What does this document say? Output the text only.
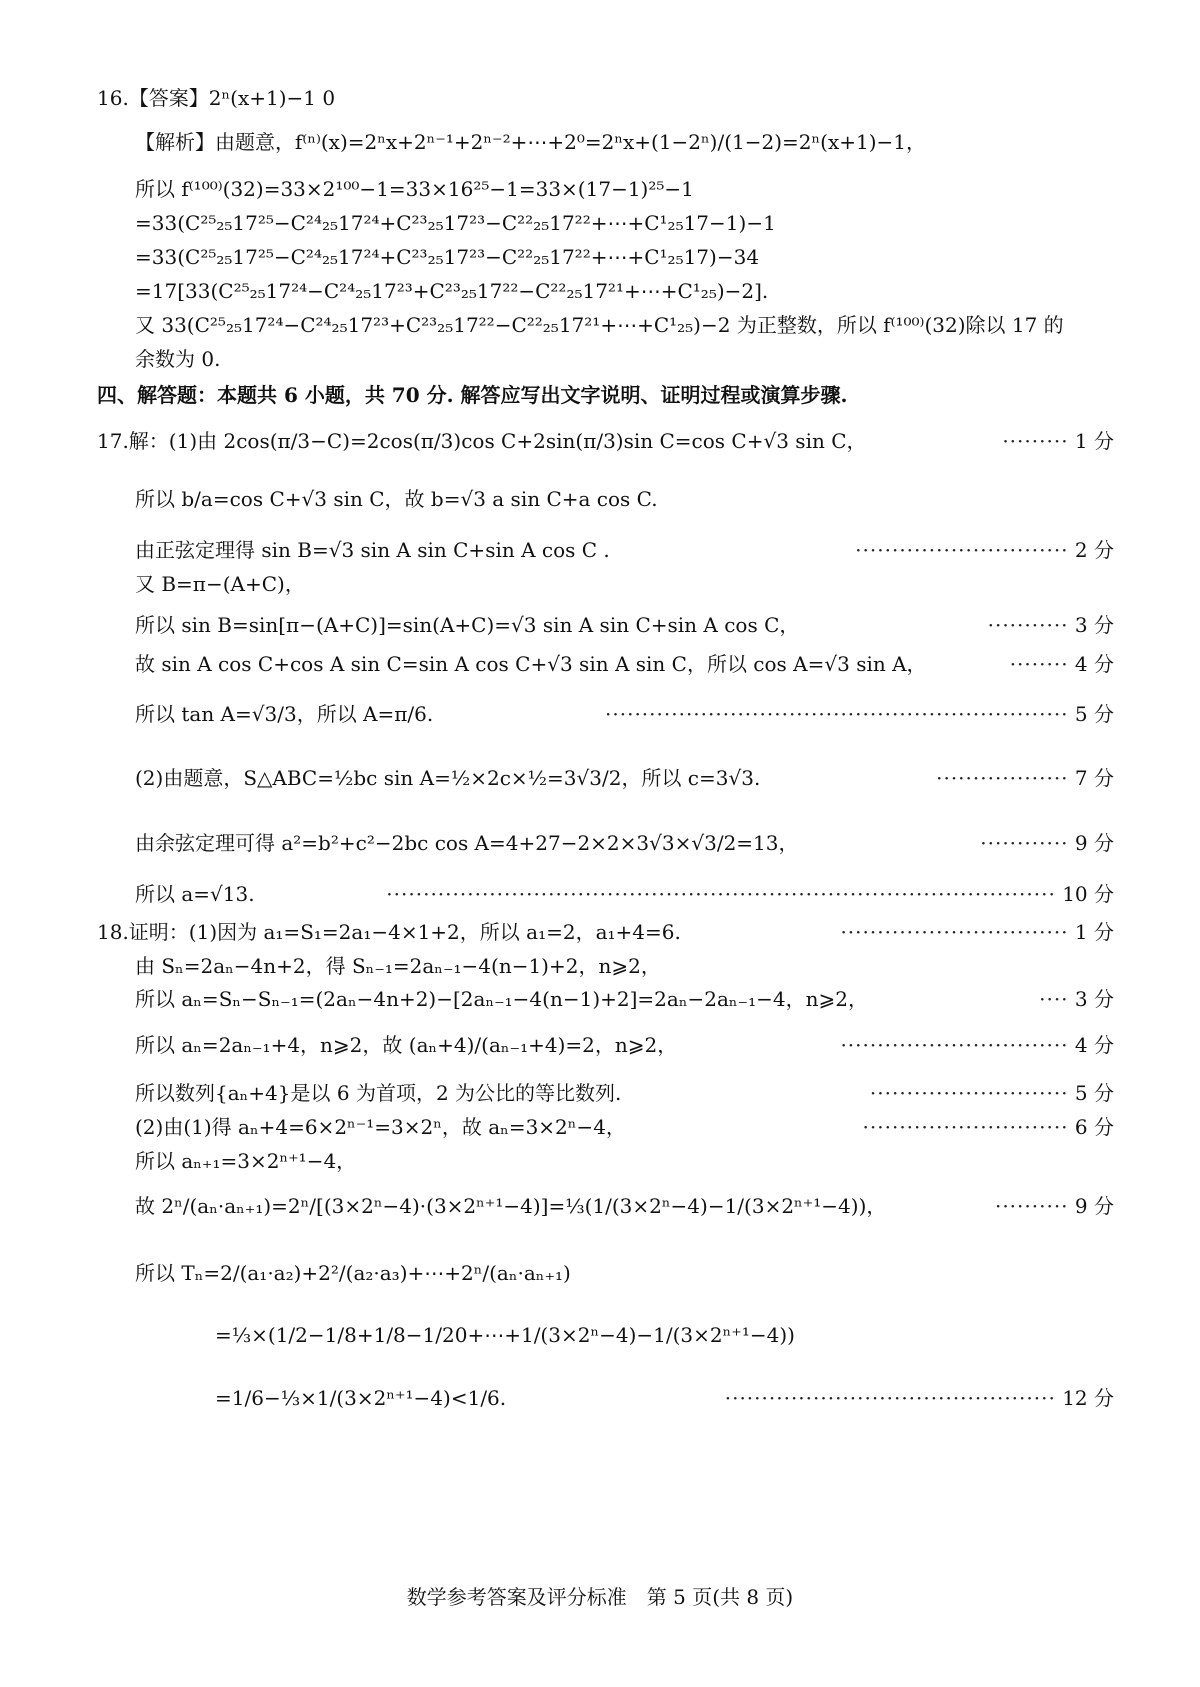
16.【答案】2ⁿ(x+1)−1 0
【解析】由题意，f⁽ⁿ⁾(x)=2ⁿx+2ⁿ⁻¹+2ⁿ⁻²+⋯+2⁰=2ⁿx+(1−2ⁿ)/(1−2)=2ⁿ(x+1)−1，
所以 f⁽¹⁰⁰⁾(32)=33×2¹⁰⁰−1=33×16²⁵−1=33×(17−1)²⁵−1
=33(C²⁵₂₅17²⁵−C²⁴₂₅17²⁴+C²³₂₅17²³−C²²₂₅17²²+⋯+C¹₂₅17−1)−1
=33(C²⁵₂₅17²⁵−C²⁴₂₅17²⁴+C²³₂₅17²³−C²²₂₅17²²+⋯+C¹₂₅17)−34
=17[33(C²⁵₂₅17²⁴−C²⁴₂₅17²³+C²³₂₅17²²−C²²₂₅17²¹+⋯+C¹₂₅)−2].
又 33(C²⁵₂₅17²⁴−C²⁴₂₅17²³+C²³₂₅17²²−C²²₂₅17²¹+⋯+C¹₂₅)−2 为正整数，所以 f⁽¹⁰⁰⁾(32)除以 17 的
余数为 0.
四、解答题：本题共 6 小题，共 70 分. 解答应写出文字说明、证明过程或演算步骤.
17.解：(1)由 2cos(π/3−C)=2cos(π/3)cos C+2sin(π/3)sin C=cos C+√3 sin C，	········· 1 分
所以 b/a=cos C+√3 sin C，故 b=√3 a sin C+a cos C.
由正弦定理得 sin B=√3 sin A sin C+sin A cos C .	····························· 2 分
又 B=π−(A+C)，
所以 sin B=sin[π−(A+C)]=sin(A+C)=√3 sin A sin C+sin A cos C，	··········· 3 分
故 sin A cos C+cos A sin C=sin A cos C+√3 sin A sin C，所以 cos A=√3 sin A，	········ 4 分
所以 tan A=√3/3，所以 A=π/6.	······························································· 5 分
(2)由题意，S△ABC=½bc sin A=½×2c×½=3√3/2，所以 c=3√3.	·················· 7 分
由余弦定理可得 a²=b²+c²−2bc cos A=4+27−2×2×3√3×√3/2=13，	············ 9 分
所以 a=√13.	··························································································· 10 分
18.证明：(1)因为 a₁=S₁=2a₁−4×1+2，所以 a₁=2，a₁+4=6.	······························· 1 分
由 Sₙ=2aₙ−4n+2，得 Sₙ₋₁=2aₙ₋₁−4(n−1)+2，n⩾2，
所以 aₙ=Sₙ−Sₙ₋₁=(2aₙ−4n+2)−[2aₙ₋₁−4(n−1)+2]=2aₙ−2aₙ₋₁−4，n⩾2，	···· 3 分
所以 aₙ=2aₙ₋₁+4，n⩾2，故 (aₙ+4)/(aₙ₋₁+4)=2，n⩾2，	······························· 4 分
所以数列{aₙ+4}是以 6 为首项，2 为公比的等比数列.	··························· 5 分
(2)由(1)得 aₙ+4=6×2ⁿ⁻¹=3×2ⁿ，故 aₙ=3×2ⁿ−4，	···························· 6 分
所以 aₙ₊₁=3×2ⁿ⁺¹−4，
故 2ⁿ/(aₙ·aₙ₊₁)=2ⁿ/[(3×2ⁿ−4)·(3×2ⁿ⁺¹−4)]=⅓(1/(3×2ⁿ−4)−1/(3×2ⁿ⁺¹−4))，	·········· 9 分
所以 Tₙ=2/(a₁·a₂)+2²/(a₂·a₃)+⋯+2ⁿ/(aₙ·aₙ₊₁)
=⅓×(1/2−1/8+1/8−1/20+⋯+1/(3×2ⁿ−4)−1/(3×2ⁿ⁺¹−4))
=1/6−⅓×1/(3×2ⁿ⁺¹−4)<1/6.	············································· 12 分
数学参考答案及评分标准　第 5 页(共 8 页)
